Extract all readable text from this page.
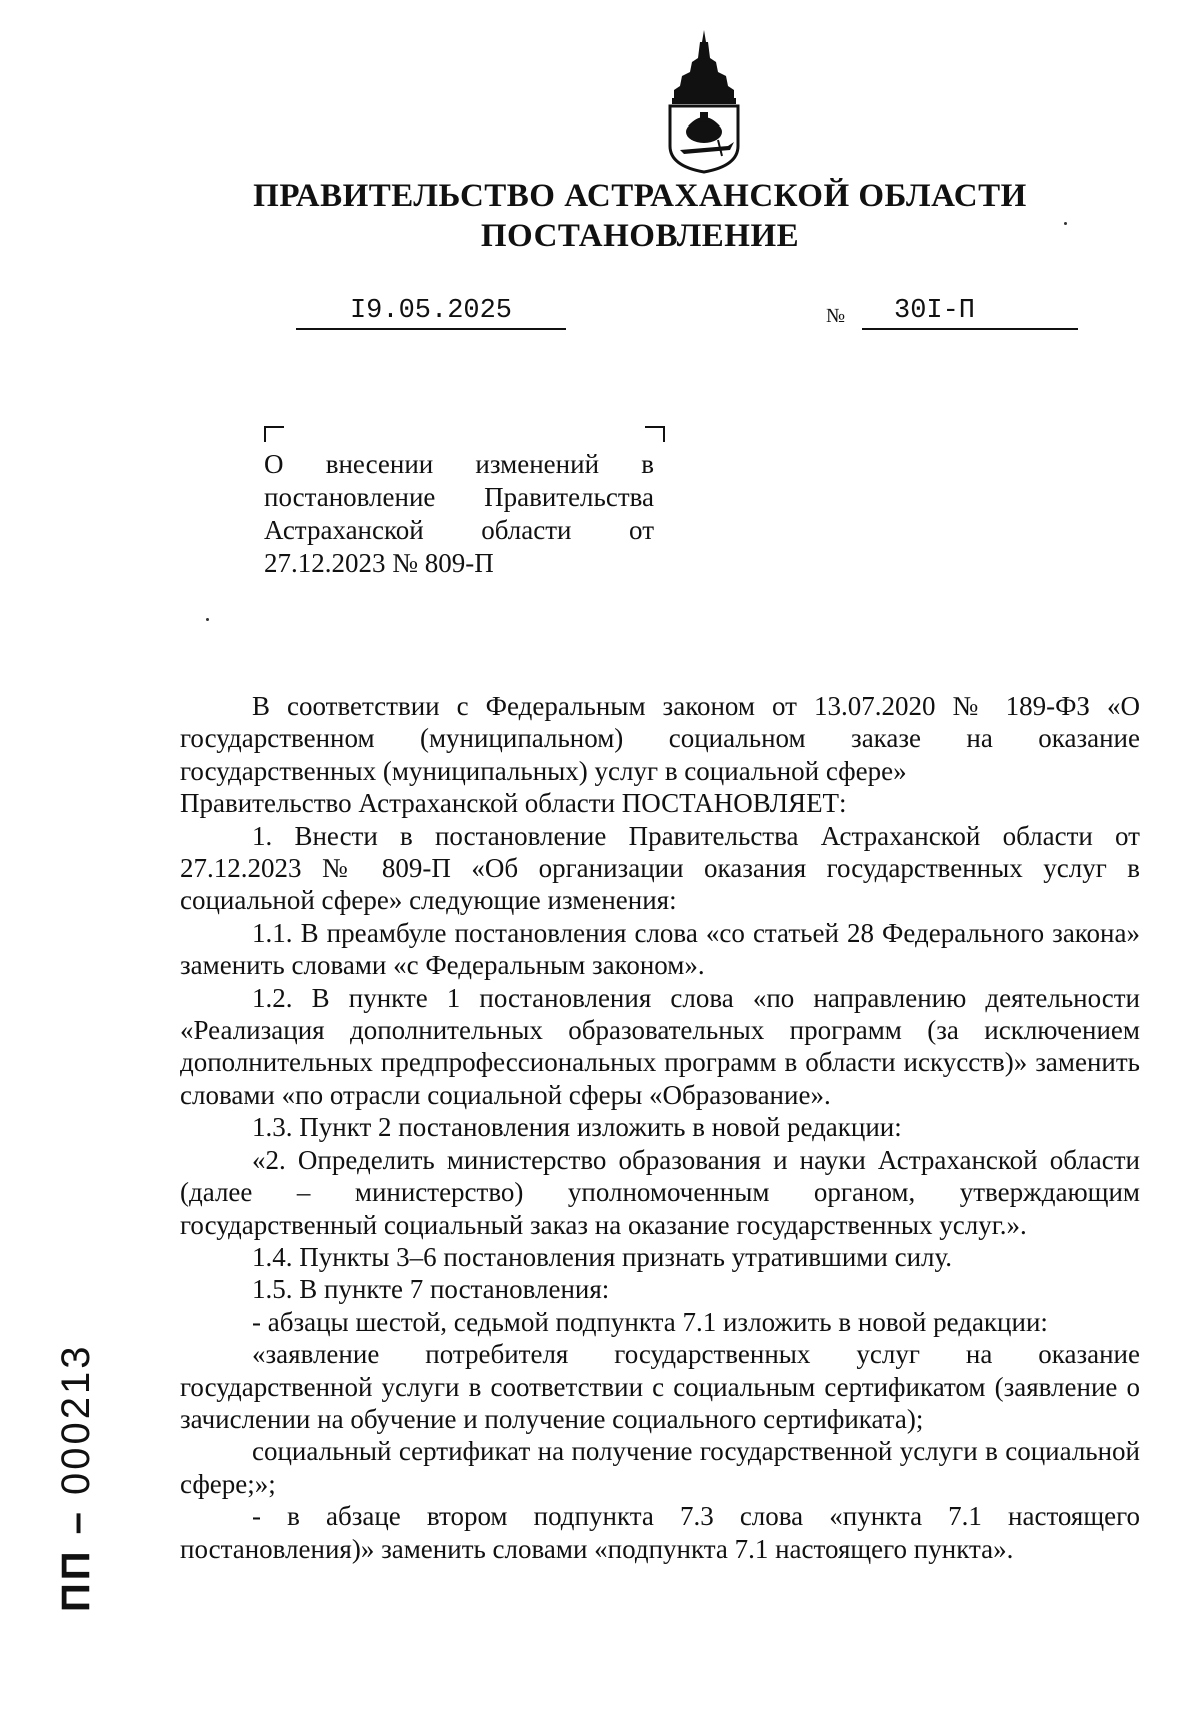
ПРАВИТЕЛЬСТВО АСТРАХАНСКОЙ ОБЛАСТИ
ПОСТАНОВЛЕНИЕ
I9.05.2025	№	30I-П
О внесении изменений в постановление Правительства Астраханской области от 27.12.2023 № 809-П

В соответствии с Федеральным законом от 13.07.2020 № 189-ФЗ «О государственном (муниципальном) социальном заказе на оказание государственных (муниципальных) услуг в социальной сфере»

Правительство Астраханской области ПОСТАНОВЛЯЕТ:

1. Внести в постановление Правительства Астраханской области от 27.12.2023 № 809-П «Об организации оказания государственных услуг в социальной сфере» следующие изменения:

1.1. В преамбуле постановления слова «со статьей 28 Федерального закона» заменить словами «с Федеральным законом».

1.2. В пункте 1 постановления слова «по направлению деятельности «Реализация дополнительных образовательных программ (за исключением дополнительных предпрофессиональных программ в области искусств)» заменить словами «по отрасли социальной сферы «Образование».

1.3. Пункт 2 постановления изложить в новой редакции:

«2. Определить министерство образования и науки Астраханской области (далее – министерство) уполномоченным органом, утверждающим государственный социальный заказ на оказание государственных услуг.».

1.4. Пункты 3–6 постановления признать утратившими силу.

1.5. В пункте 7 постановления:

- абзацы шестой, седьмой подпункта 7.1 изложить в новой редакции:

«заявление потребителя государственных услуг на оказание государственной услуги в соответствии с социальным сертификатом (заявление о зачислении на обучение и получение социального сертификата);

социальный сертификат на получение государственной услуги в социальной сфере;»;

- в абзаце втором подпункта 7.3 слова «пункта 7.1 настоящего постановления)» заменить словами «подпункта 7.1 настоящего пункта».

ПП – 000213
